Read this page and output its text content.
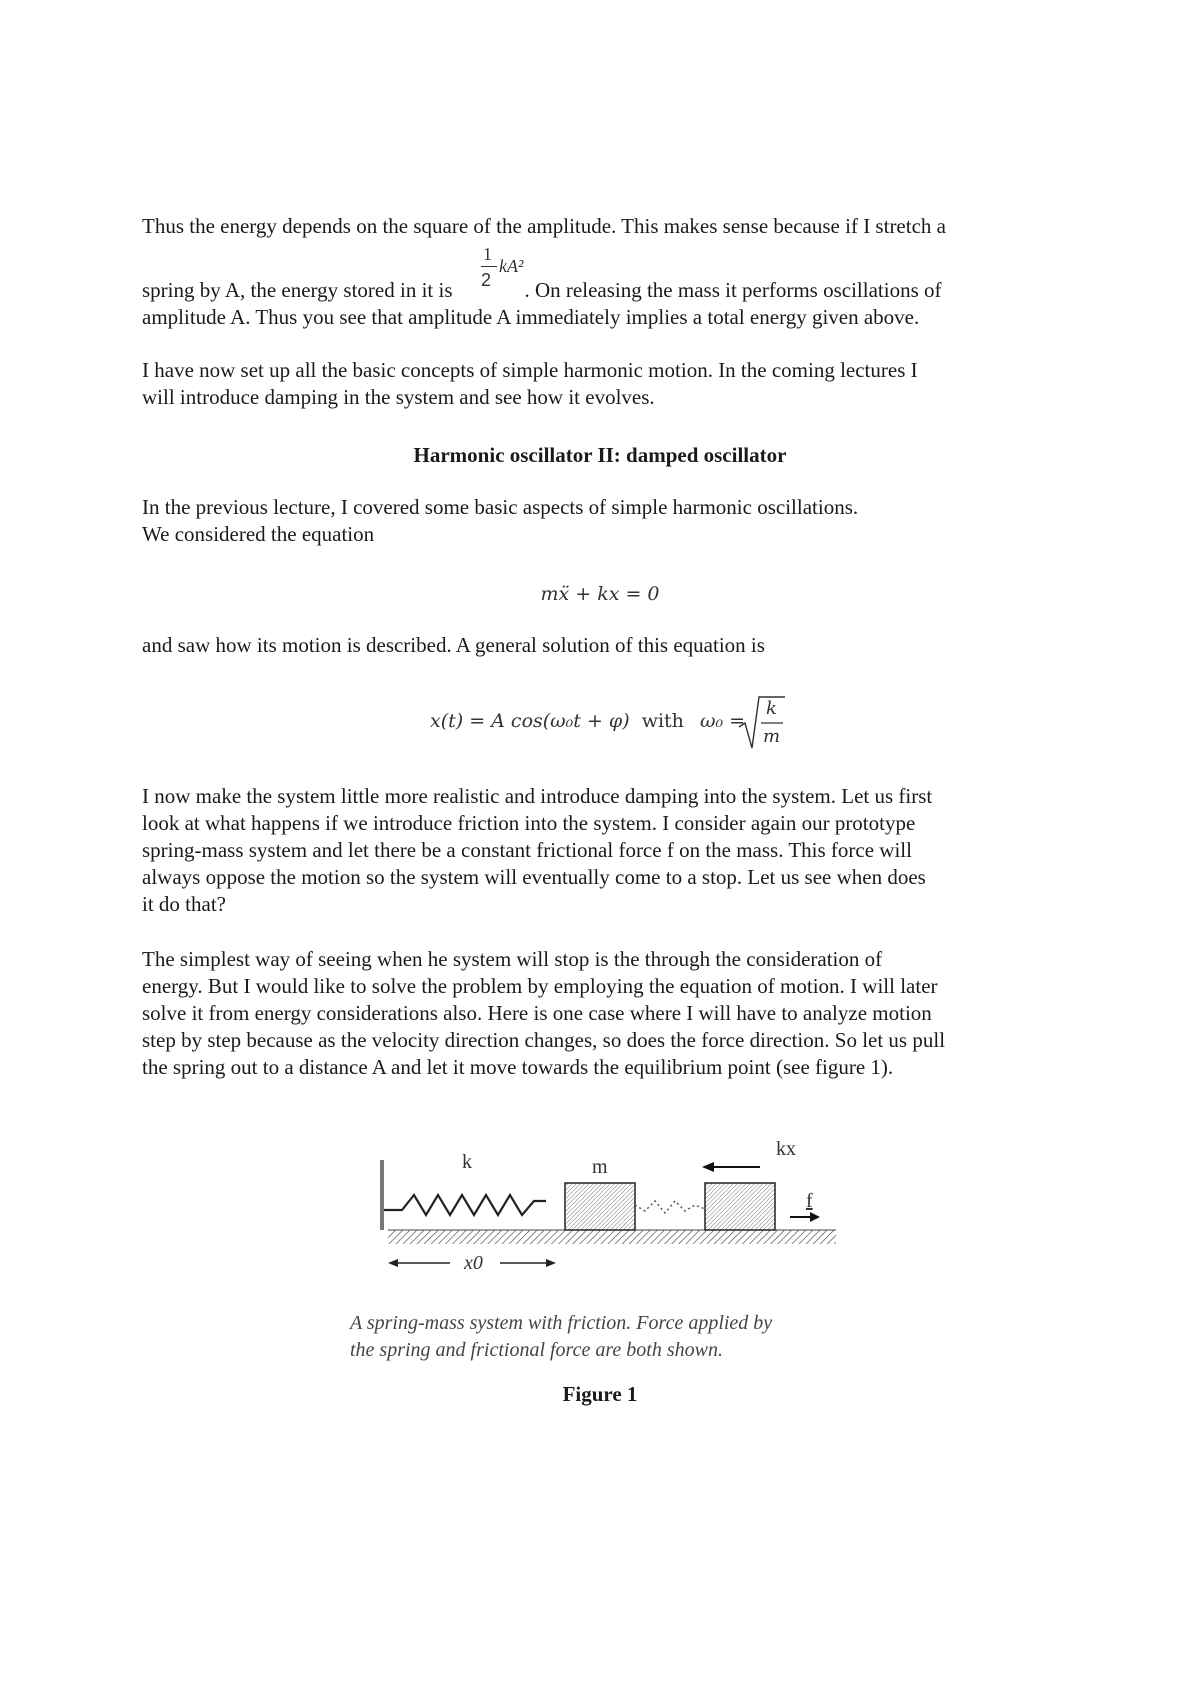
Thus the energy depends on the square of the amplitude. This makes sense because if I stretch a
1
kA²
2
spring by A, the energy stored in it is	. On releasing the mass it performs oscillations of
amplitude A. Thus you see that amplitude A immediately implies a total energy given above.
I have now set up all the basic concepts of simple harmonic motion. In the coming lectures I
will introduce damping in the system and see how it evolves.
Harmonic oscillator II: damped oscillator
In the previous lecture, I covered some basic aspects of simple harmonic oscillations.
We considered the equation
mẍ + kx = 0
and saw how its motion is described. A general solution of this equation is
x(t) = A cos(ω₀t + φ) with ω₀ =
k
m
I now make the system little more realistic and introduce damping into the system. Let us first
look at what happens if we introduce friction into the system. I consider again our prototype
spring-mass system and let there be a constant frictional force f on the mass. This force will
always oppose the motion so the system will eventually come to a stop. Let us see when does
it do that?
The simplest way of seeing when he system will stop is the through the consideration of
energy. But I would like to solve the problem by employing the equation of motion. I will later
solve it from energy considerations also. Here is one case where I will have to analyze motion
step by step because as the velocity direction changes, so does the force direction. So let us pull
the spring out to a distance A and let it move towards the equilibrium point (see figure 1).
k	m
kx
f
x0
A spring-mass system with friction. Force applied by
the spring and frictional force are both shown.
Figure 1
